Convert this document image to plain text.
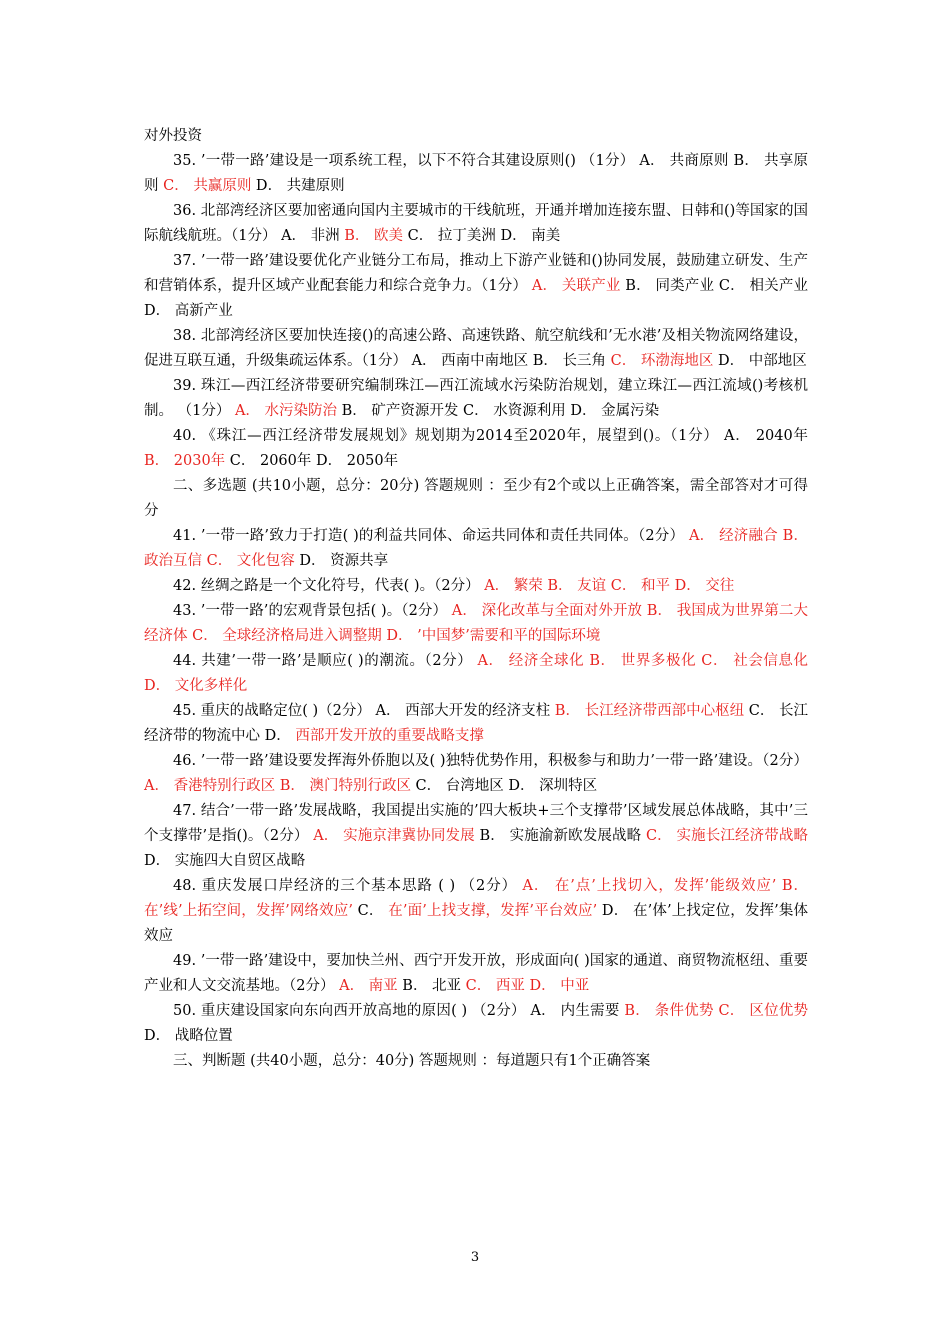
对外投资

35. ’一带一路’建设是一项系统工程，以下不符合其建设原则() （1分） A． 共商原则 B． 共享原则 C． 共赢原则 D． 共建原则

36. 北部湾经济区要加密通向国内主要城市的干线航班，开通并增加连接东盟、日韩和()等国家的国际航线航班。（1分） A． 非洲 B． 欧美 C． 拉丁美洲 D． 南美

37. ’一带一路’建设要优化产业链分工布局，推动上下游产业链和()协同发展，鼓励建立研发、生产和营销体系，提升区域产业配套能力和综合竞争力。（1分） A． 关联产业 B． 同类产业 C． 相关产业 D． 高新产业

38. 北部湾经济区要加快连接()的高速公路、高速铁路、航空航线和’无水港’及相关物流网络建设，促进互联互通，升级集疏运体系。（1分） A． 西南中南地区 B． 长三角 C． 环渤海地区 D． 中部地区

39. 珠江—西江经济带要研究编制珠江—西江流域水污染防治规划，建立珠江—西江流域()考核机制。 （1分） A． 水污染防治 B． 矿产资源开发 C． 水资源利用 D． 金属污染

40. 《珠江—西江经济带发展规划》规划期为2014至2020年，展望到()。（1分） A． 2040年 B． 2030年 C． 2060年 D． 2050年

二、多选题 (共10小题，总分：20分) 答题规则 ：至少有2个或以上正确答案，需全部答对才可得分

41. ’一带一路’致力于打造( )的利益共同体、命运共同体和责任共同体。（2分） A． 经济融合 B． 政治互信 C． 文化包容 D． 资源共享

42. 丝绸之路是一个文化符号，代表( )。（2分） A． 繁荣 B． 友谊 C． 和平 D． 交往

43. ’一带一路’的宏观背景包括( )。（2分） A． 深化改革与全面对外开放 B． 我国成为世界第二大经济体 C． 全球经济格局进入调整期 D． ’中国梦’需要和平的国际环境

44. 共建’一带一路’是顺应( )的潮流。（2分） A． 经济全球化 B． 世界多极化 C． 社会信息化 D． 文化多样化

45. 重庆的战略定位( )（2分） A． 西部大开发的经济支柱 B． 长江经济带西部中心枢纽 C． 长江经济带的物流中心 D． 西部开发开放的重要战略支撑

46. ’一带一路’建设要发挥海外侨胞以及( )独特优势作用，积极参与和助力’一带一路’建设。（2分） A． 香港特别行政区 B． 澳门特别行政区 C． 台湾地区 D． 深圳特区

47. 结合’一带一路’发展战略，我国提出实施的’四大板块+三个支撑带’区域发展总体战略，其中’三个支撑带’是指()。（2分） A． 实施京津冀协同发展 B． 实施渝新欧发展战略 C． 实施长江经济带战略 D． 实施四大自贸区战略

48. 重庆发展口岸经济的三个基本思路 ( ) （2分） A． 在’点’上找切入，发挥’能级效应’ B． 在’线’上拓空间，发挥’网络效应’ C． 在’面’上找支撑，发挥’平台效应’ D． 在’体’上找定位，发挥’集体效应

49. ’一带一路’建设中，要加快兰州、西宁开发开放，形成面向( )国家的通道、商贸物流枢纽、重要产业和人文交流基地。（2分） A． 南亚 B． 北亚 C． 西亚 D． 中亚

50. 重庆建设国家向东向西开放高地的原因( ) （2分） A． 内生需要 B． 条件优势 C． 区位优势 D． 战略位置

三、判断题 (共40小题，总分：40分) 答题规则 ：每道题只有1个正确答案

3
